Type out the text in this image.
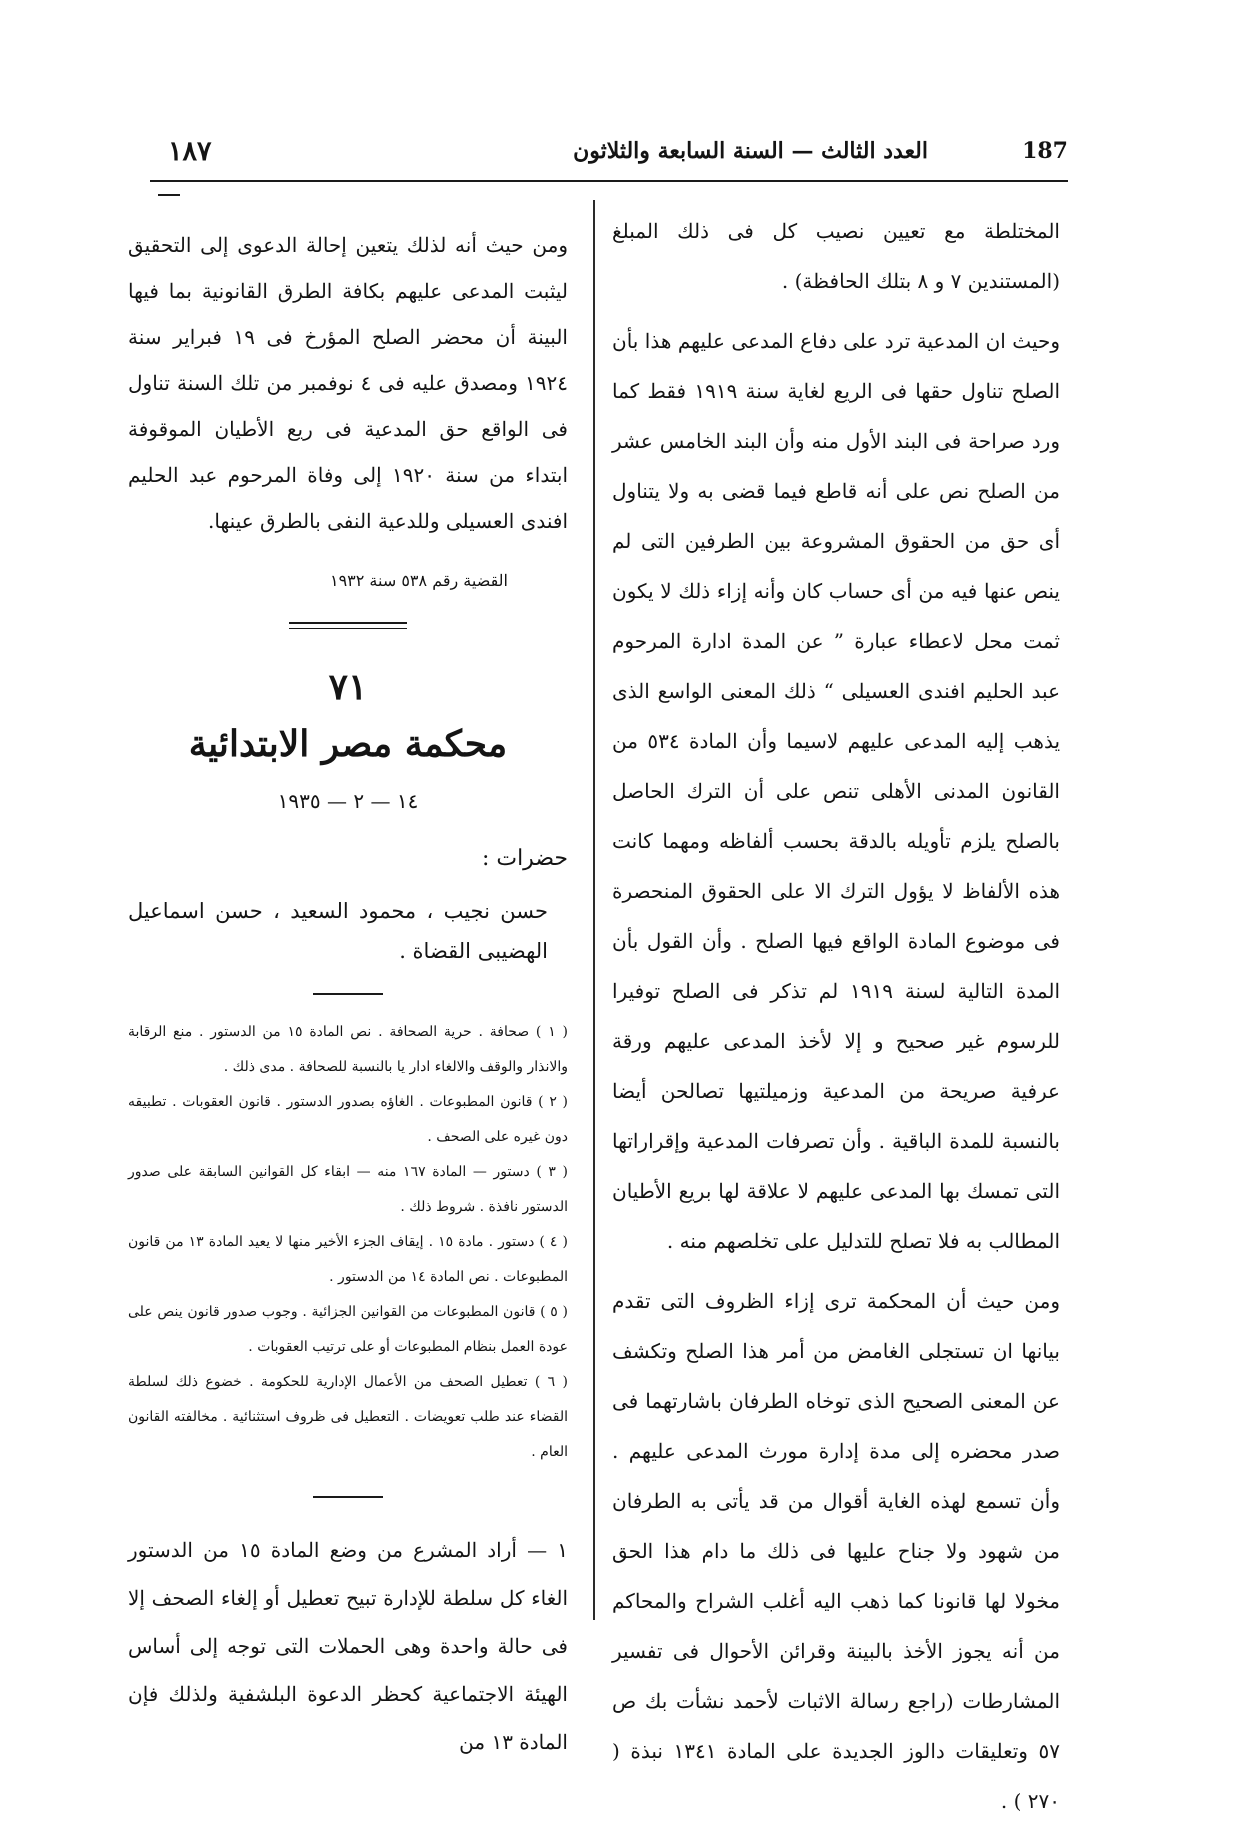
187
العدد الثالث — السنة السابعة والثلاثون
١٨٧

المختلطة مع تعيين نصيب كل فى ذلك المبلغ (المستندين ٧ و ٨ بتلك الحافظة) .

وحيث ان المدعية ترد على دفاع المدعى عليهم هذا بأن الصلح تناول حقها فى الريع لغاية سنة ١٩١٩ فقط كما ورد صراحة فى البند الأول منه وأن البند الخامس عشر من الصلح نص على أنه قاطع فيما قضى به ولا يتناول أى حق من الحقوق المشروعة بين الطرفين التى لم ينص عنها فيه من أى حساب كان وأنه إزاء ذلك لا يكون ثمت محل لاعطاء عبارة ” عن المدة ادارة المرحوم عبد الحليم افندى العسيلى “ ذلك المعنى الواسع الذى يذهب إليه المدعى عليهم لاسيما وأن المادة ٥٣٤ من القانون المدنى الأهلى تنص على أن الترك الحاصل بالصلح يلزم تأويله بالدقة بحسب ألفاظه ومهما كانت هذه الألفاظ لا يؤول الترك الا على الحقوق المنحصرة فى موضوع المادة الواقع فيها الصلح . وأن القول بأن المدة التالية لسنة ١٩١٩ لم تذكر فى الصلح توفيرا للرسوم غير صحيح و إلا لأخذ المدعى عليهم ورقة عرفية صريحة من المدعية وزميلتيها تصالحن أيضا بالنسبة للمدة الباقية . وأن تصرفات المدعية وإقراراتها التى تمسك بها المدعى عليهم لا علاقة لها بريع الأطيان المطالب به فلا تصلح للتدليل على تخلصهم منه .

ومن حيث أن المحكمة ترى إزاء الظروف التى تقدم بيانها ان تستجلى الغامض من أمر هذا الصلح وتكشف عن المعنى الصحيح الذى توخاه الطرفان باشارتهما فى صدر محضره إلى مدة إدارة مورث المدعى عليهم . وأن تسمع لهذه الغاية أقوال من قد يأتى به الطرفان من شهود ولا جناح عليها فى ذلك ما دام هذا الحق مخولا لها قانونا كما ذهب اليه أغلب الشراح والمحاكم من أنه يجوز الأخذ بالبينة وقرائن الأحوال فى تفسير المشارطات (راجع رسالة الاثبات لأحمد نشأت بك ص ٥٧ وتعليقات دالوز الجديدة على المادة ١٣٤١ نبذة ( ٢٧٠ ) .

ومن حيث أنه لذلك يتعين إحالة الدعوى إلى التحقيق ليثبت المدعى عليهم بكافة الطرق القانونية بما فيها البينة أن محضر الصلح المؤرخ فى ١٩ فبراير سنة ١٩٢٤ ومصدق عليه فى ٤ نوفمبر من تلك السنة تناول فى الواقع حق المدعية فى ريع الأطيان الموقوفة ابتداء من سنة ١٩٢٠ إلى وفاة المرحوم عبد الحليم افندى العسيلى وللدعية النفى بالطرق عينها.

القضية رقم ٥٣٨ سنة ١٩٣٢

٧١
محكمة مصر الابتدائية
١٤ — ٢ — ١٩٣٥
حضرات :
حسن نجيب ، محمود السعيد ، حسن اسماعيل الهضيبى القضاة .

( ١ ) صحافة . حرية الصحافة . نص المادة ١٥ من الدستور . منع الرقابة والانذار والوقف والالغاء ادار يا بالنسبة للصحافة . مدى ذلك .

( ٢ ) قانون المطبوعات . الغاؤه بصدور الدستور . قانون العقوبات . تطبيقه دون غيره على الصحف .

( ٣ ) دستور — المادة ١٦٧ منه — ابقاء كل القوانين السابقة على صدور الدستور نافذة . شروط ذلك .

( ٤ ) دستور . مادة ١٥ . إيقاف الجزء الأخير منها لا يعيد المادة ١٣ من قانون المطبوعات . نص المادة ١٤ من الدستور .

( ٥ ) قانون المطبوعات من القوانين الجزائية . وجوب صدور قانون ينص على عودة العمل بنظام المطبوعات أو على ترتيب العقوبات .

( ٦ ) تعطيل الصحف من الأعمال الإدارية للحكومة . خضوع ذلك لسلطة القضاء عند طلب تعويضات . التعطيل فى ظروف استثنائية . مخالفته القانون العام .

١ — أراد المشرع من وضع المادة ١٥ من الدستور الغاء كل سلطة للإدارة تبيح تعطيل أو إلغاء الصحف إلا فى حالة واحدة وهى الحملات التى توجه إلى أساس الهيئة الاجتماعية كحظر الدعوة البلشفية ولذلك فإن المادة ١٣ من
